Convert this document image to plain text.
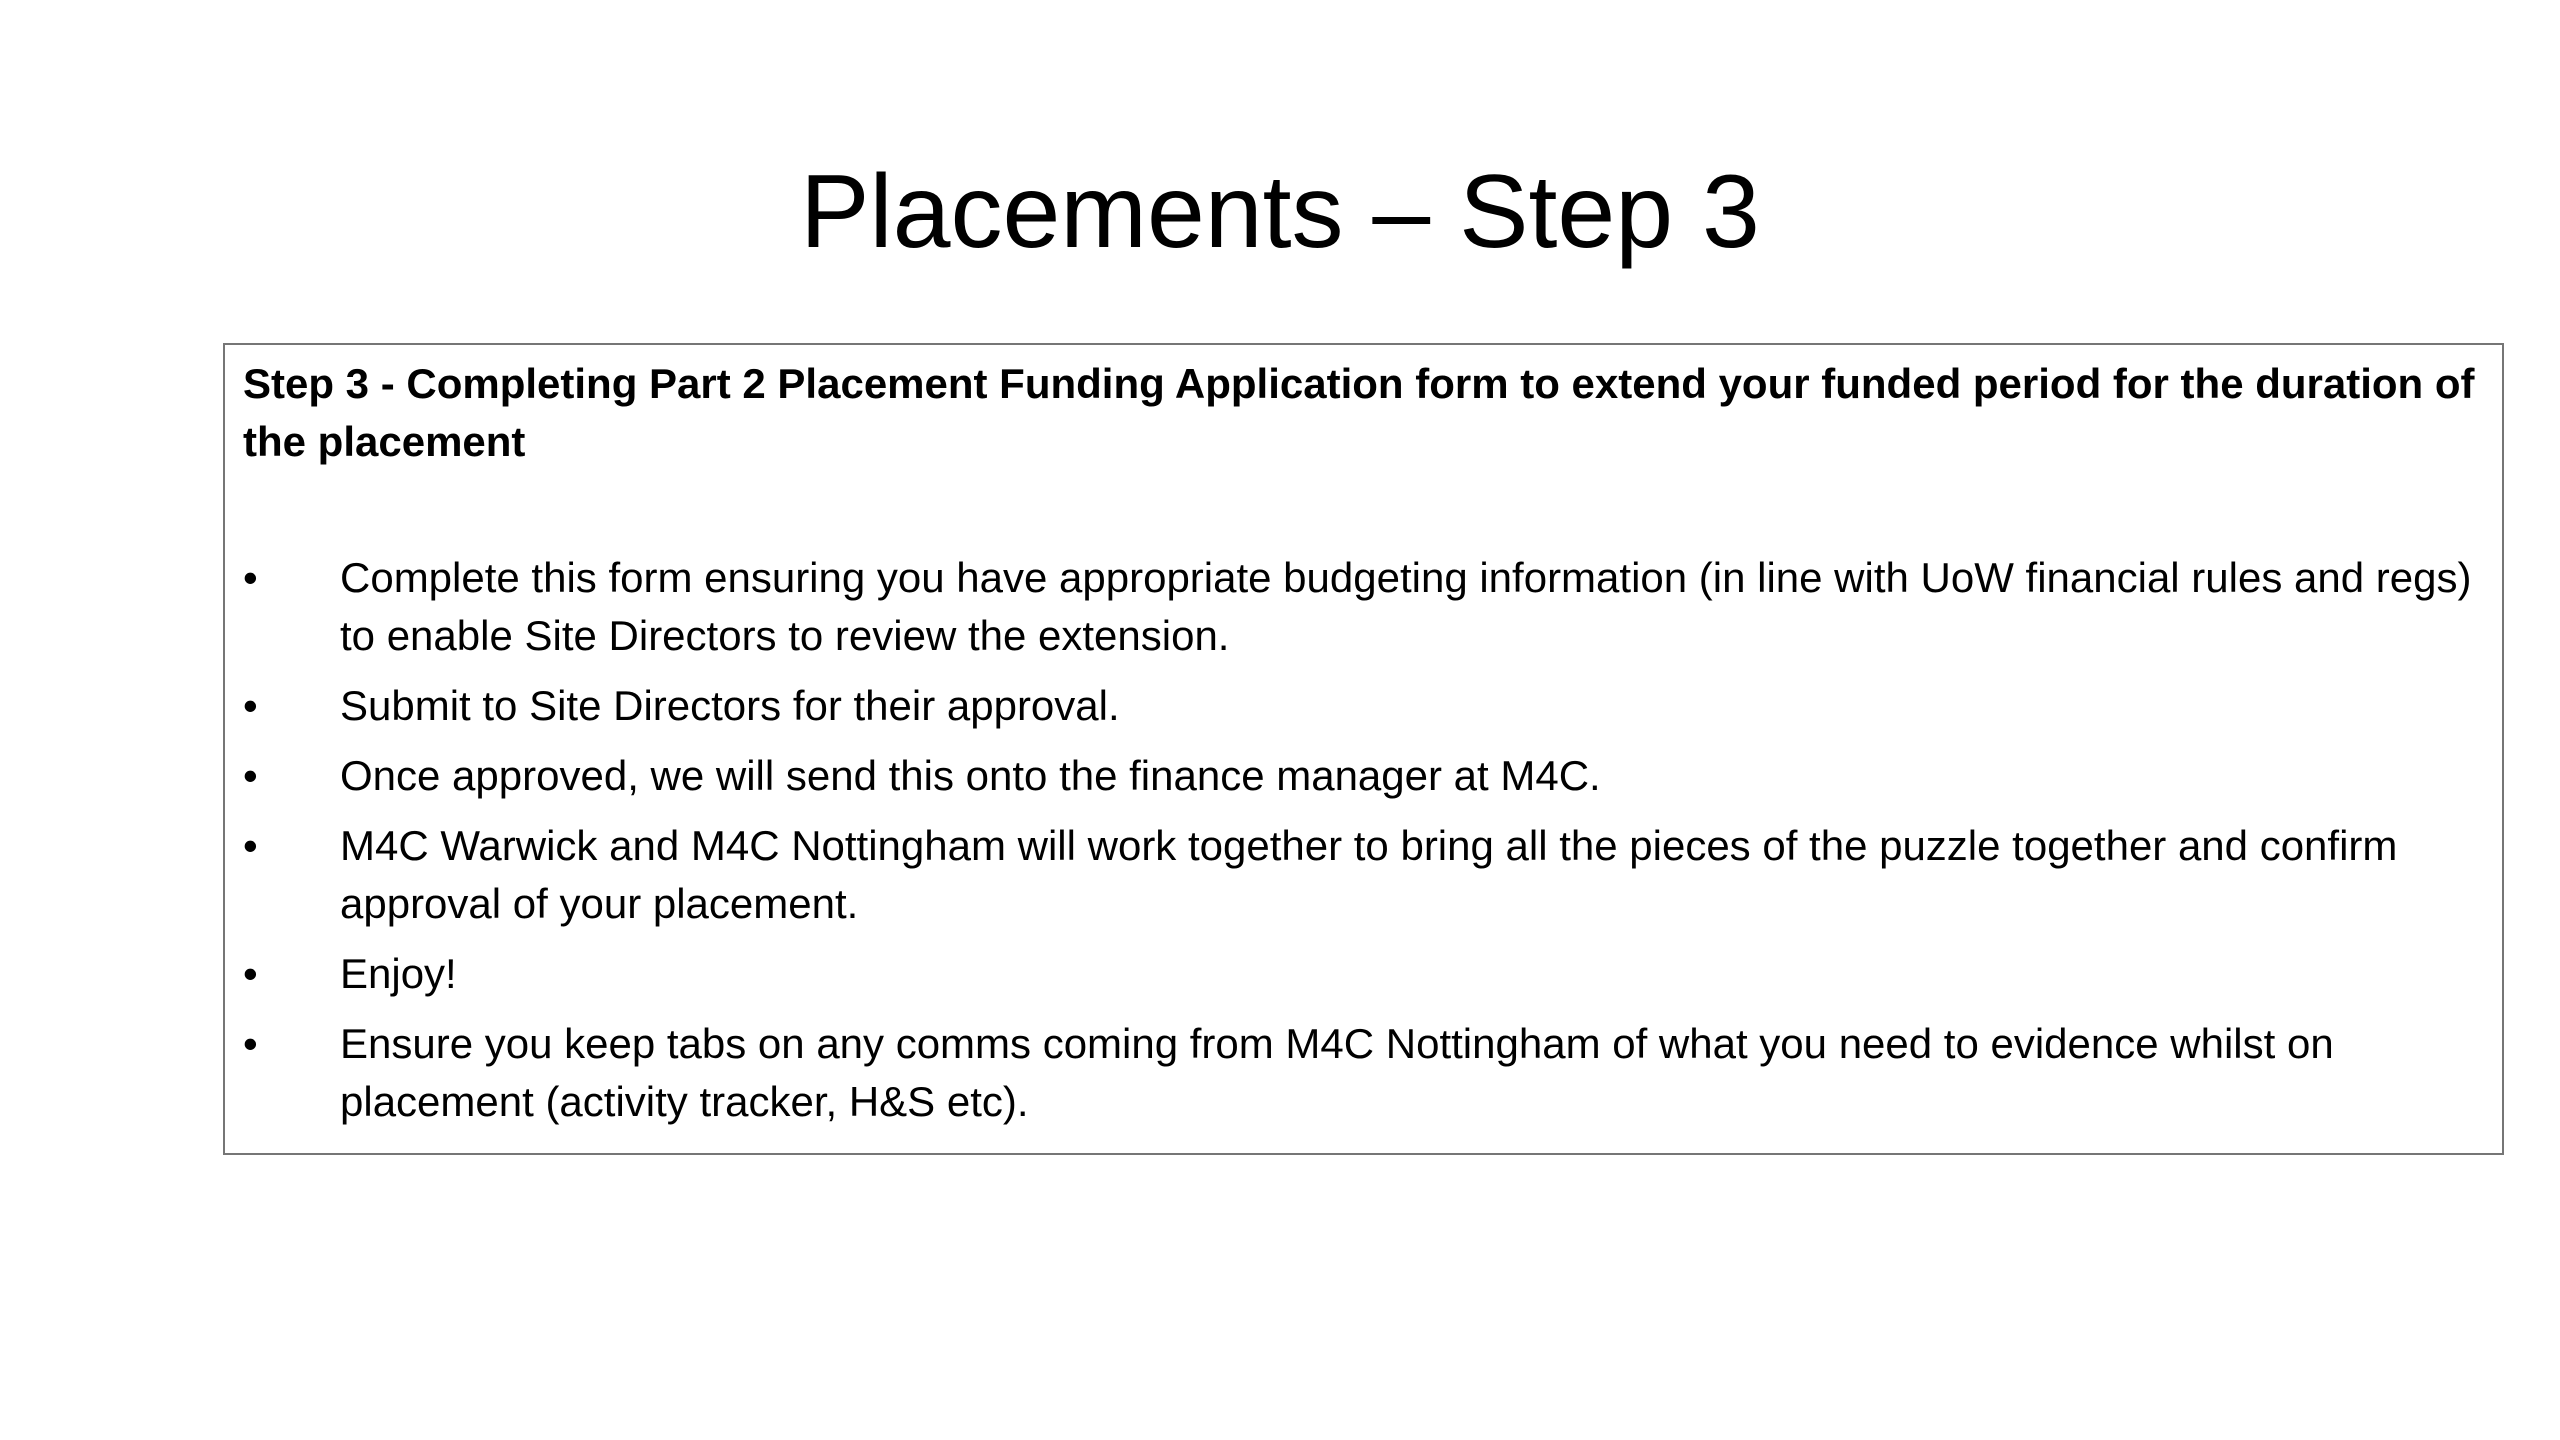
Placements – Step 3

Step 3 - Completing Part 2 Placement Funding Application form to extend your funded period for the duration of the placement

•	Complete this form ensuring you have appropriate budgeting information (in line with UoW financial rules and regs) to enable Site Directors to review the extension.
•	Submit to Site Directors for their approval.
•	Once approved, we will send this onto the finance manager at M4C.
•	M4C Warwick and M4C Nottingham will work together to bring all the pieces of the puzzle together and confirm approval of your placement.
•	Enjoy!
•	Ensure you keep tabs on any comms coming from M4C Nottingham of what you need to evidence whilst on placement (activity tracker, H&S etc).
